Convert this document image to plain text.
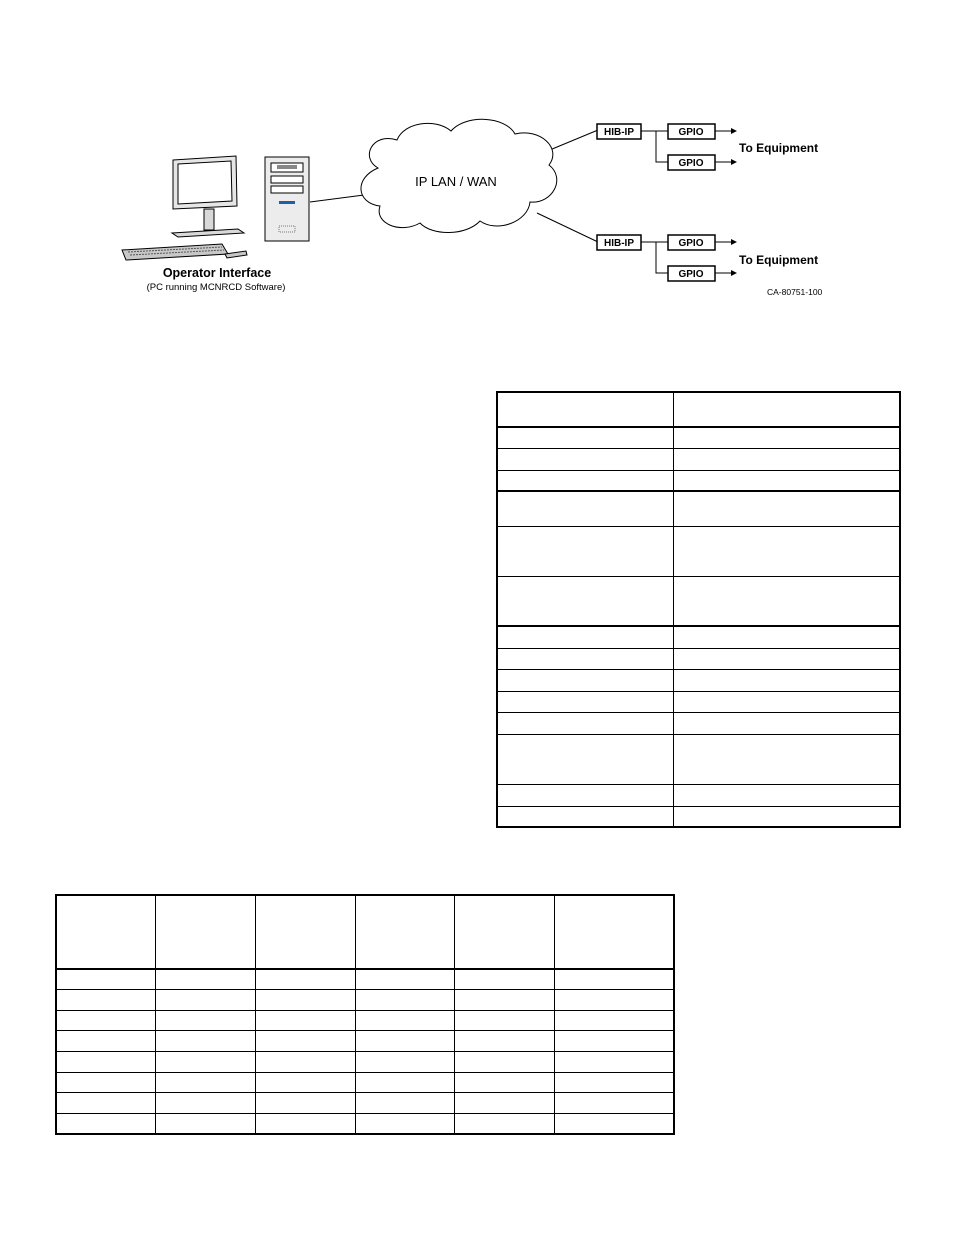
Operator Interface
(PC running MCNRCD Software)
IP LAN / WAN
HIB-IP	GPIO
GPIO
To Equipment
HIB-IP	GPIO
GPIO
To Equipment
CA-80751-100
